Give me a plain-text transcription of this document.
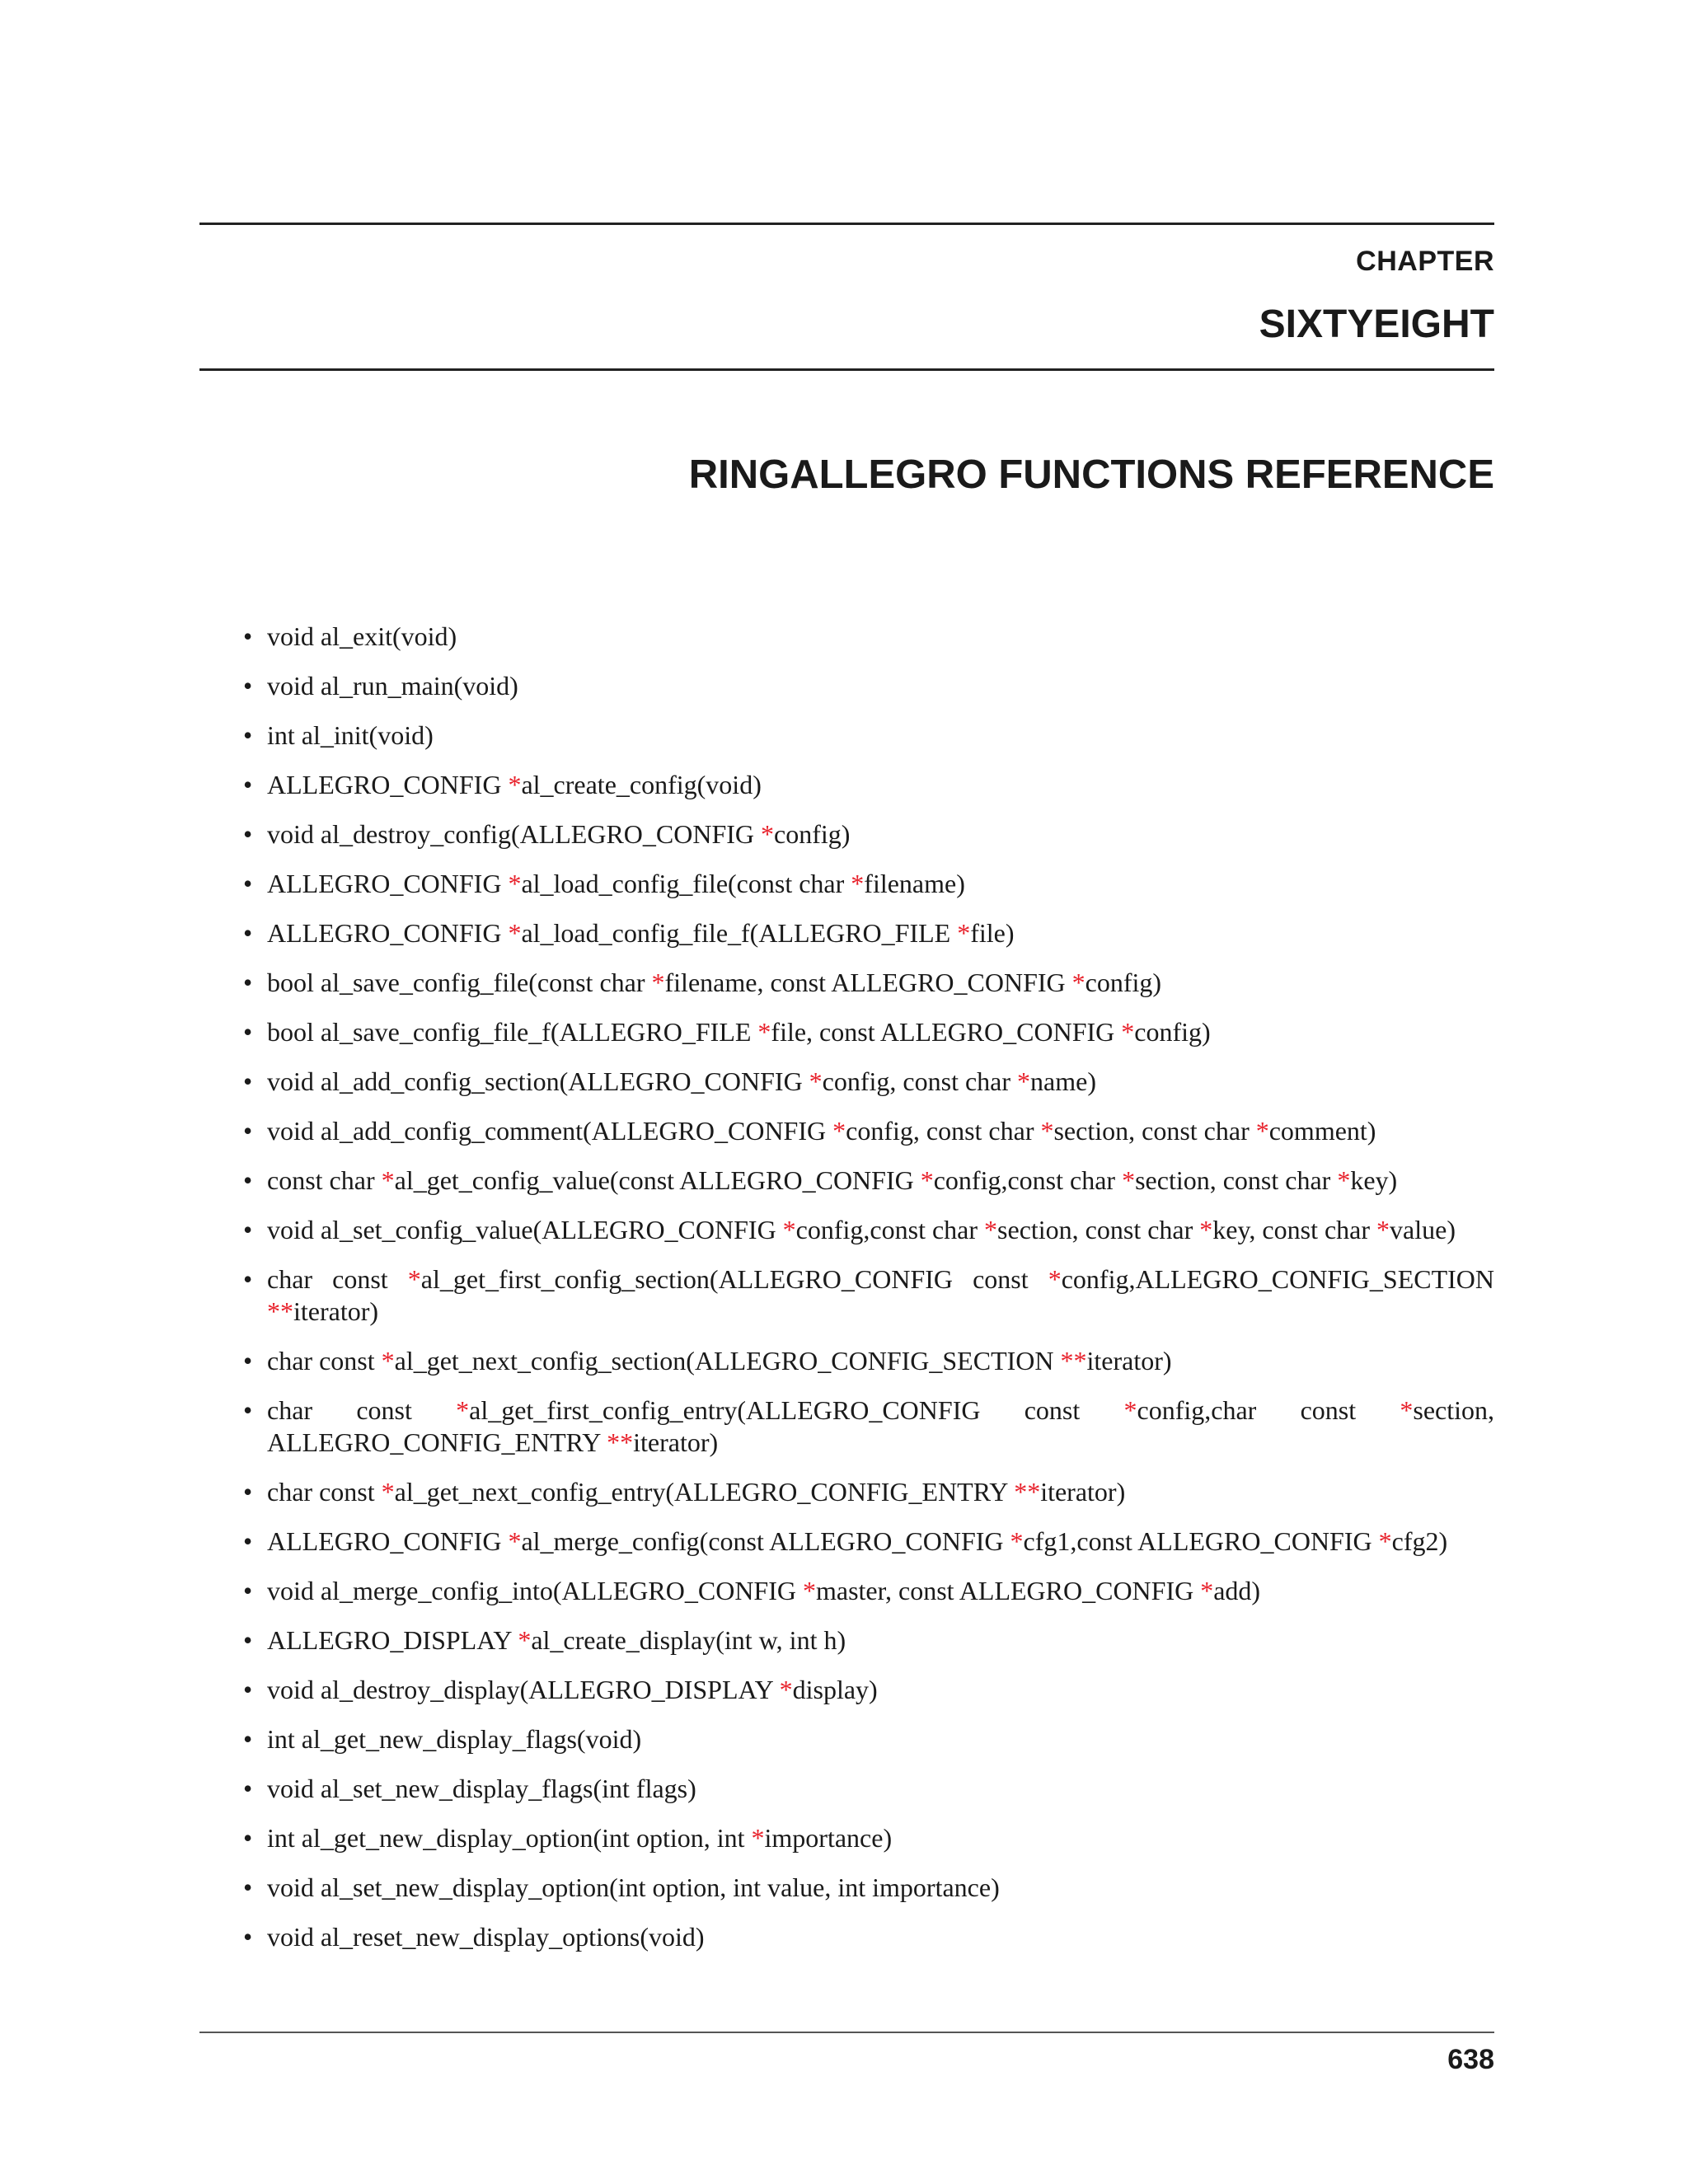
CHAPTER
SIXTYEIGHT
RINGALLEGRO FUNCTIONS REFERENCE
• void al_exit(void)
• void al_run_main(void)
• int al_init(void)
• ALLEGRO_CONFIG *al_create_config(void)
• void al_destroy_config(ALLEGRO_CONFIG *config)
• ALLEGRO_CONFIG *al_load_config_file(const char *filename)
• ALLEGRO_CONFIG *al_load_config_file_f(ALLEGRO_FILE *file)
• bool al_save_config_file(const char *filename, const ALLEGRO_CONFIG *config)
• bool al_save_config_file_f(ALLEGRO_FILE *file, const ALLEGRO_CONFIG *config)
• void al_add_config_section(ALLEGRO_CONFIG *config, const char *name)
• void al_add_config_comment(ALLEGRO_CONFIG *config, const char *section, const char *comment)
• const char *al_get_config_value(const ALLEGRO_CONFIG *config,const char *section, const char *key)
• void al_set_config_value(ALLEGRO_CONFIG *config,const char *section, const char *key, const char *value)
• char const *al_get_first_config_section(ALLEGRO_CONFIG const *config,ALLEGRO_CONFIG_SECTION **iterator)
• char const *al_get_next_config_section(ALLEGRO_CONFIG_SECTION **iterator)
• char const *al_get_first_config_entry(ALLEGRO_CONFIG const *config,char const *section, ALLEGRO_CONFIG_ENTRY **iterator)
• char const *al_get_next_config_entry(ALLEGRO_CONFIG_ENTRY **iterator)
• ALLEGRO_CONFIG *al_merge_config(const ALLEGRO_CONFIG *cfg1,const ALLEGRO_CONFIG *cfg2)
• void al_merge_config_into(ALLEGRO_CONFIG *master, const ALLEGRO_CONFIG *add)
• ALLEGRO_DISPLAY *al_create_display(int w, int h)
• void al_destroy_display(ALLEGRO_DISPLAY *display)
• int al_get_new_display_flags(void)
• void al_set_new_display_flags(int flags)
• int al_get_new_display_option(int option, int *importance)
• void al_set_new_display_option(int option, int value, int importance)
• void al_reset_new_display_options(void)
638
